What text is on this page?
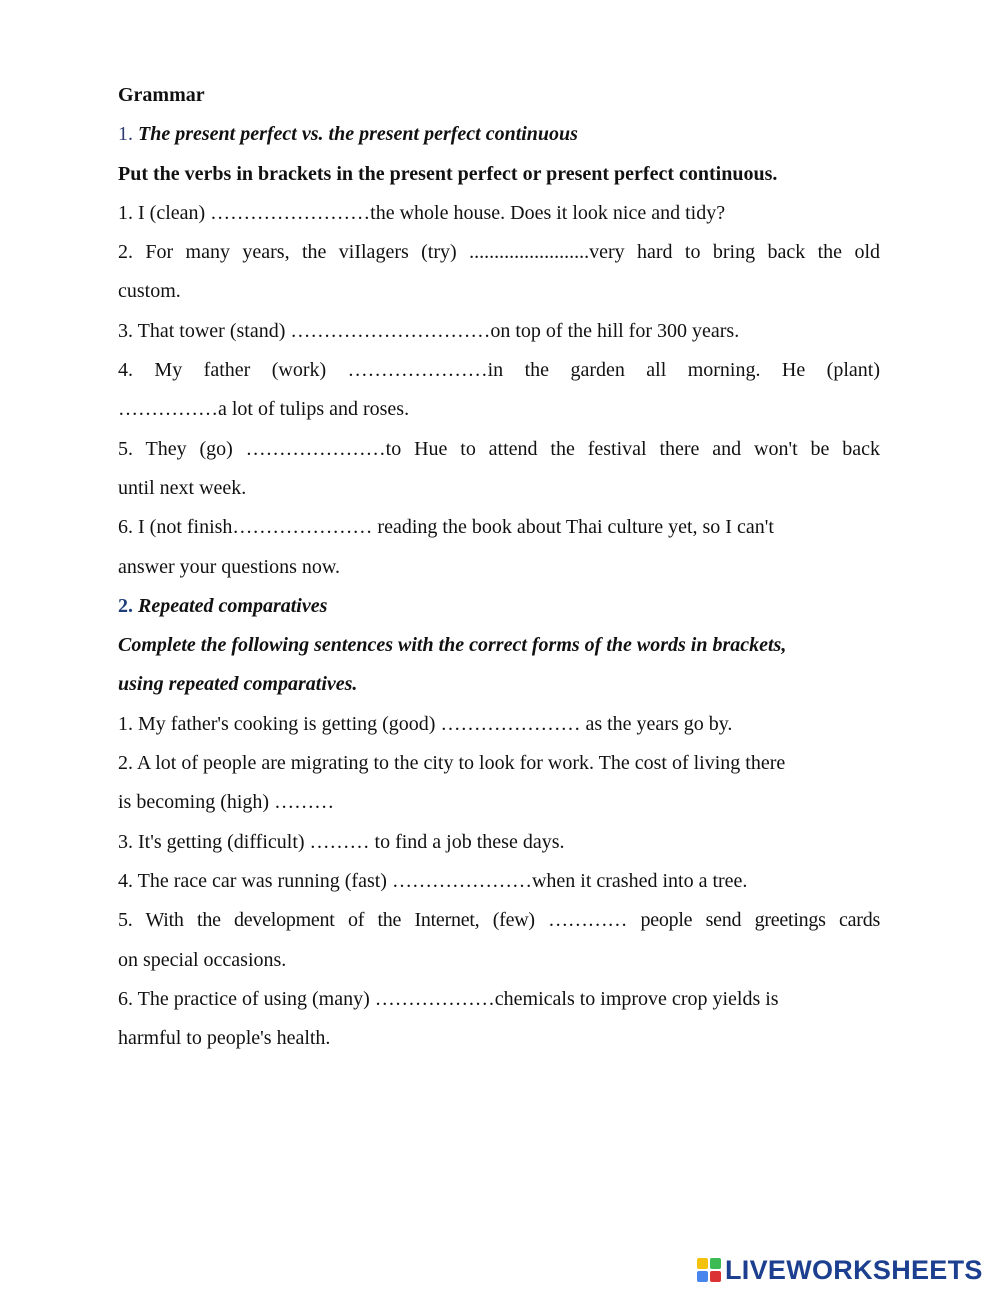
Grammar
1. The present perfect vs. the present perfect continuous
Put the verbs in brackets in the present perfect or present perfect continuous.
1. I (clean) ……………………the whole house. Does it look nice and tidy?
2. For many years, the viIlagers (try) ........................very hard to bring back the old
custom.
3. That tower (stand) …………………………on top of the hill for 300 years.
4. My father (work) …………………in the garden all morning. He (plant)
……………a lot of tulips and roses.
5. They (go) …………………to Hue to attend the festival there and won't be back
until next week.
6. I (not finish………………… reading the book about Thai culture yet, so I can't
answer your questions now.
2. Repeated comparatives
Complete the following sentences with the correct forms of the words in brackets,
using repeated comparatives.
1. My father's cooking is getting (good) ………………… as the years go by.
2. A lot of people are migrating to the city to look for work. The cost of living there
is becoming (high) ………
3. It's getting (difficult) ……… to find a job these days.
4. The race car was running (fast) …………………when it crashed into a tree.
5. With the development of the Internet, (few) ………… people send greetings cards
on special occasions.
6. The practice of using (many) ………………chemicals to improve crop yields is
harmful to people's health.
LIVEWORKSHEETS
